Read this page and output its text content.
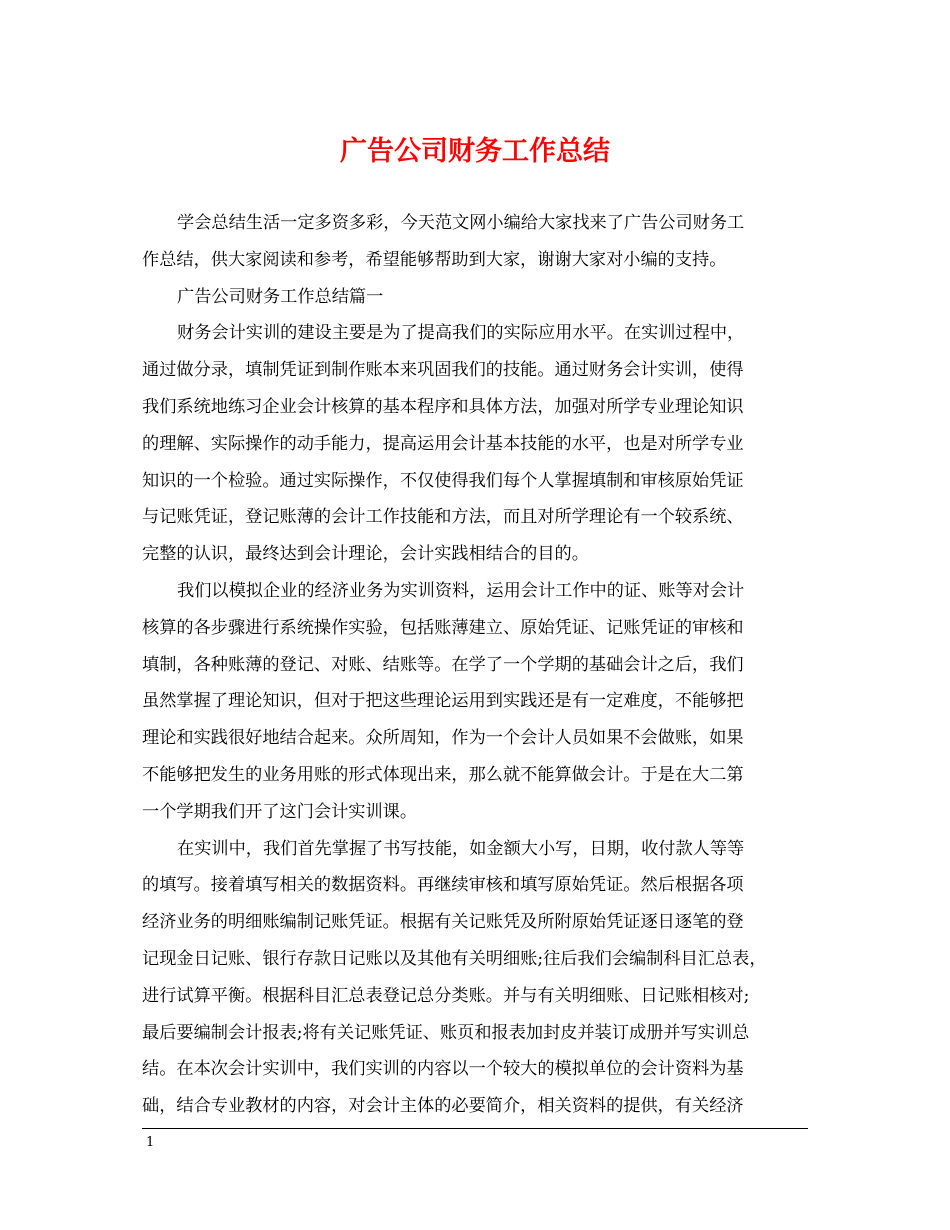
广告公司财务工作总结
学会总结生活一定多资多彩，今天范文网小编给大家找来了广告公司财务工
作总结，供大家阅读和参考，希望能够帮助到大家，谢谢大家对小编的支持。
广告公司财务工作总结篇一
财务会计实训的建设主要是为了提高我们的实际应用水平。在实训过程中，
通过做分录，填制凭证到制作账本来巩固我们的技能。通过财务会计实训，使得
我们系统地练习企业会计核算的基本程序和具体方法，加强对所学专业理论知识
的理解、实际操作的动手能力，提高运用会计基本技能的水平，也是对所学专业
知识的一个检验。通过实际操作，不仅使得我们每个人掌握填制和审核原始凭证
与记账凭证，登记账薄的会计工作技能和方法，而且对所学理论有一个较系统、
完整的认识，最终达到会计理论，会计实践相结合的目的。
我们以模拟企业的经济业务为实训资料，运用会计工作中的证、账等对会计
核算的各步骤进行系统操作实验，包括账薄建立、原始凭证、记账凭证的审核和
填制，各种账薄的登记、对账、结账等。在学了一个学期的基础会计之后，我们
虽然掌握了理论知识，但对于把这些理论运用到实践还是有一定难度，不能够把
理论和实践很好地结合起来。众所周知，作为一个会计人员如果不会做账，如果
不能够把发生的业务用账的形式体现出来，那么就不能算做会计。于是在大二第
一个学期我们开了这门会计实训课。
在实训中，我们首先掌握了书写技能，如金额大小写，日期，收付款人等等
的填写。接着填写相关的数据资料。再继续审核和填写原始凭证。然后根据各项
经济业务的明细账编制记账凭证。根据有关记账凭及所附原始凭证逐日逐笔的登
记现金日记账、银行存款日记账以及其他有关明细账;往后我们会编制科目汇总表，
进行试算平衡。根据科目汇总表登记总分类账。并与有关明细账、日记账相核对;
最后要编制会计报表;将有关记账凭证、账页和报表加封皮并装订成册并写实训总
结。在本次会计实训中，我们实训的内容以一个较大的模拟单位的会计资料为基
础，结合专业教材的内容，对会计主体的必要简介，相关资料的提供，有关经济
1
